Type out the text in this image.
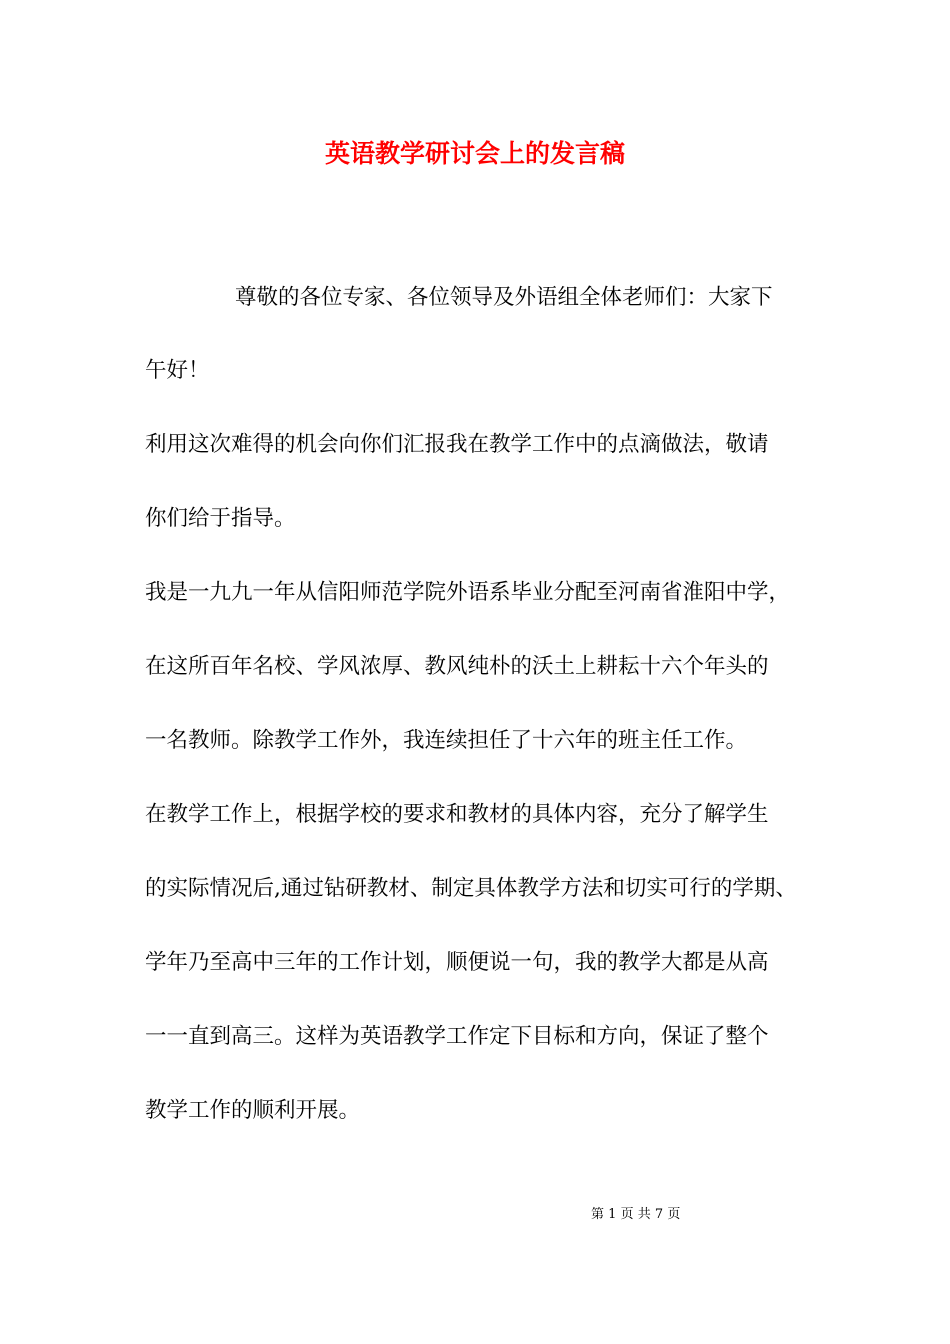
英语教学研讨会上的发言稿
尊敬的各位专家、各位领导及外语组全体老师们：大家下
午好！
利用这次难得的机会向你们汇报我在教学工作中的点滴做法，敬请
你们给于指导。
我是一九九一年从信阳师范学院外语系毕业分配至河南省淮阳中学，
在这所百年名校、学风浓厚、教风纯朴的沃土上耕耘十六个年头的
一名教师。除教学工作外，我连续担任了十六年的班主任工作。
在教学工作上，根据学校的要求和教材的具体内容，充分了解学生
的实际情况后,通过钻研教材、制定具体教学方法和切实可行的学期、
学年乃至高中三年的工作计划，顺便说一句，我的教学大都是从高
一一直到高三。这样为英语教学工作定下目标和方向，保证了整个
教学工作的顺利开展。
第 1 页 共 7 页
